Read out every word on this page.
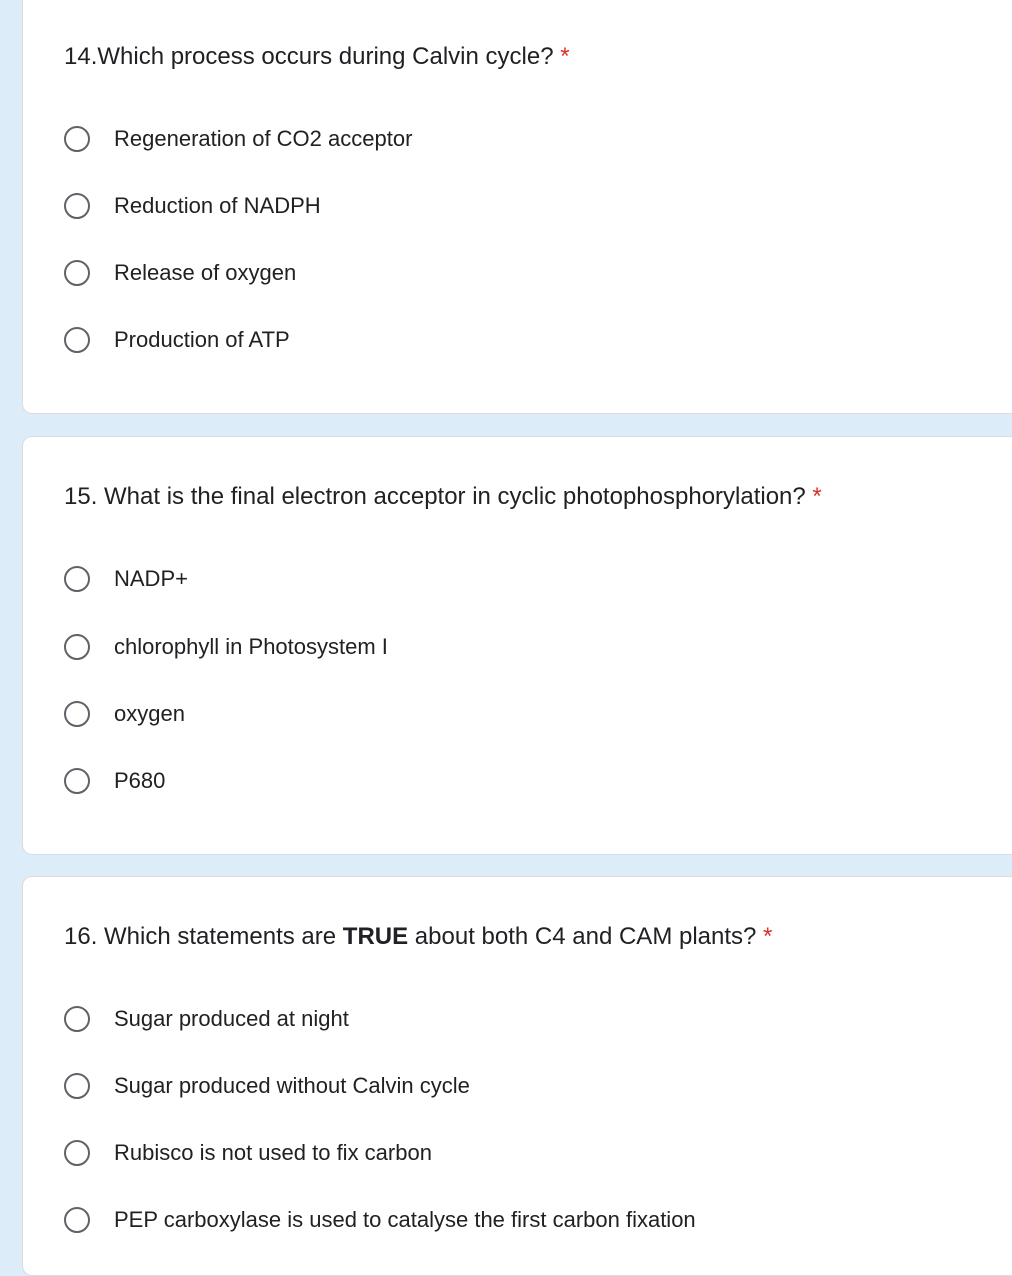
14.Which process occurs during Calvin cycle? *
Regeneration of CO2 acceptor
Reduction of NADPH
Release of oxygen
Production of ATP
15. What is the final electron acceptor in cyclic photophosphorylation? *
NADP+
chlorophyll in Photosystem I
oxygen
P680
16. Which statements are TRUE about both C4 and CAM plants? *
Sugar produced at night
Sugar produced without Calvin cycle
Rubisco is not used to fix carbon
PEP carboxylase is used to catalyse the first carbon fixation
